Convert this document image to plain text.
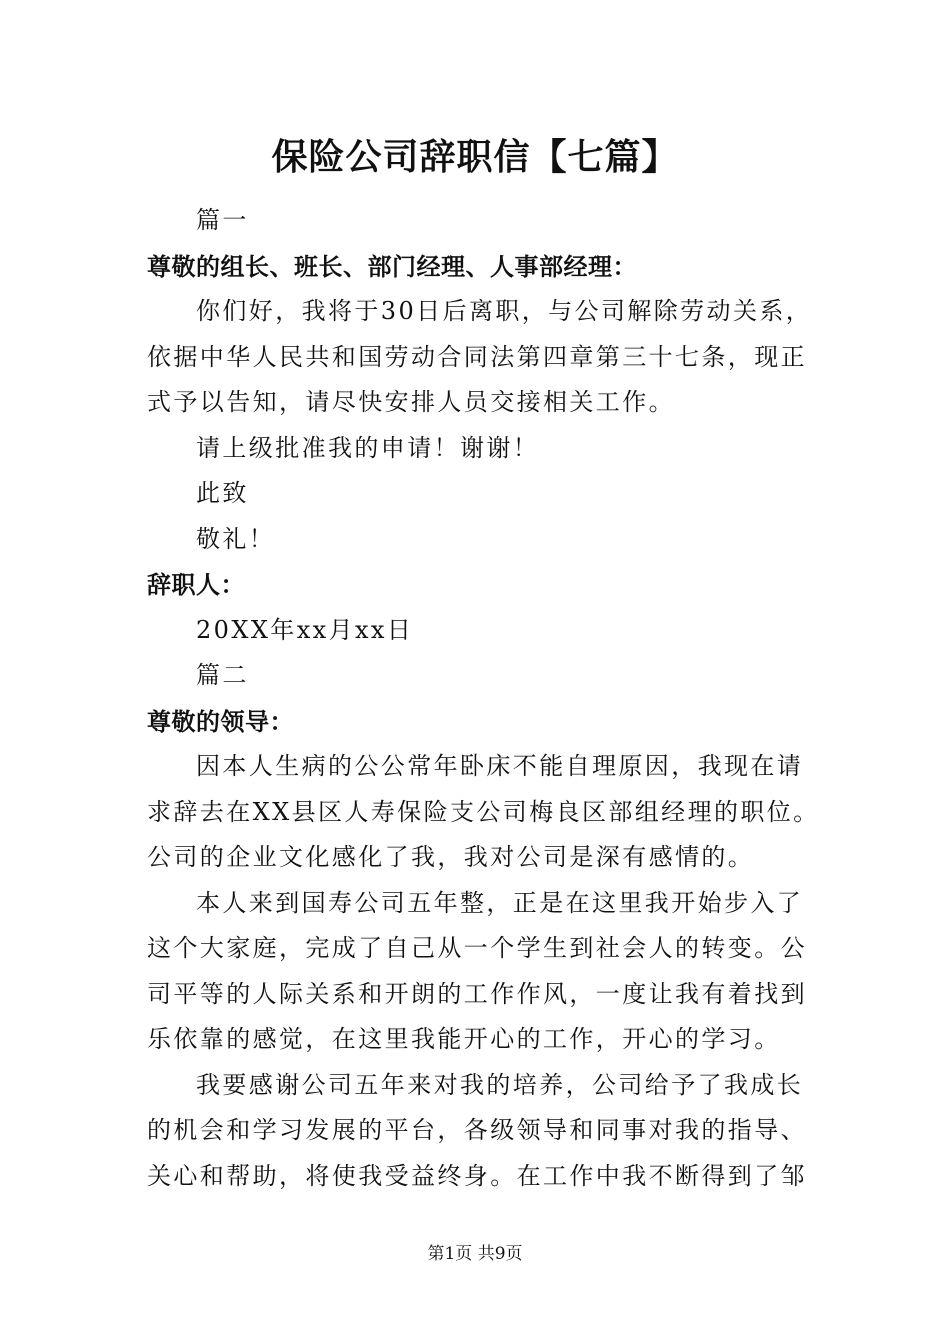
保险公司辞职信【七篇】
篇一
尊敬的组长、班长、部门经理、人事部经理：
你们好，我将于30日后离职，与公司解除劳动关系，
依据中华人民共和国劳动合同法第四章第三十七条，现正
式予以告知，请尽快安排人员交接相关工作。
请上级批准我的申请！谢谢！
此致
敬礼！
辞职人：
20XX年xx月xx日
篇二
尊敬的领导：
因本人生病的公公常年卧床不能自理原因，我现在请
求辞去在XX县区人寿保险支公司梅良区部组经理的职位。
公司的企业文化感化了我，我对公司是深有感情的。
本人来到国寿公司五年整，正是在这里我开始步入了
这个大家庭，完成了自己从一个学生到社会人的转变。公
司平等的人际关系和开朗的工作作风，一度让我有着找到
乐依靠的感觉，在这里我能开心的工作，开心的学习。
我要感谢公司五年来对我的培养，公司给予了我成长
的机会和学习发展的平台，各级领导和同事对我的指导、
关心和帮助，将使我受益终身。在工作中我不断得到了邹
第1页 共9页
